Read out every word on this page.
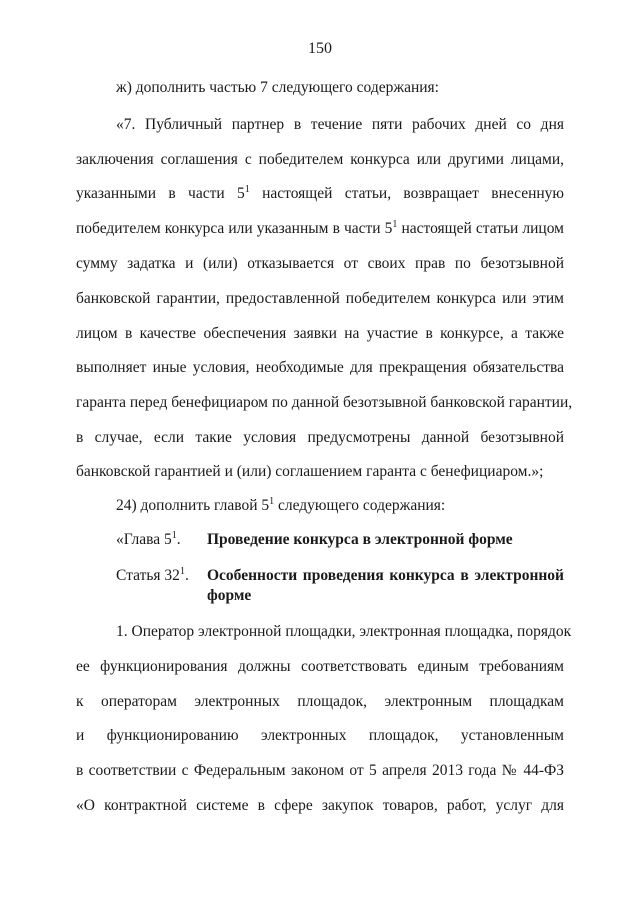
150
ж) дополнить частью 7 следующего содержания:
«7. Публичный партнер в течение пяти рабочих дней со дня
заключения соглашения с победителем конкурса или другими лицами,
указанными в части $5^1$ настоящей статьи, возвращает внесенную
победителем конкурса или указанным в части $5^1$ настоящей статьи лицом
сумму задатка и (или) отказывается от своих прав по безотзывной
банковской гарантии, предоставленной победителем конкурса или этим
лицом в качестве обеспечения заявки на участие в конкурсе, а также
выполняет иные условия, необходимые для прекращения обязательства
гаранта перед бенефициаром по данной безотзывной банковской гарантии,
в случае, если такие условия предусмотрены данной безотзывной
банковской гарантией и (или) соглашением гаранта с бенефициаром.»;
24) дополнить главой $5^1$ следующего содержания:
«Глава $5^1$. Проведение конкурса в электронной форме
Статья $32^1$. Особенности проведения конкурса в электронной
форме
1. Оператор электронной площадки, электронная площадка, порядок
ее функционирования должны соответствовать единым требованиям
к операторам электронных площадок, электронным площадкам
и функционированию электронных площадок, установленным
в соответствии с Федеральным законом от 5 апреля 2013 года № 44-ФЗ
«О контрактной системе в сфере закупок товаров, работ, услуг для
